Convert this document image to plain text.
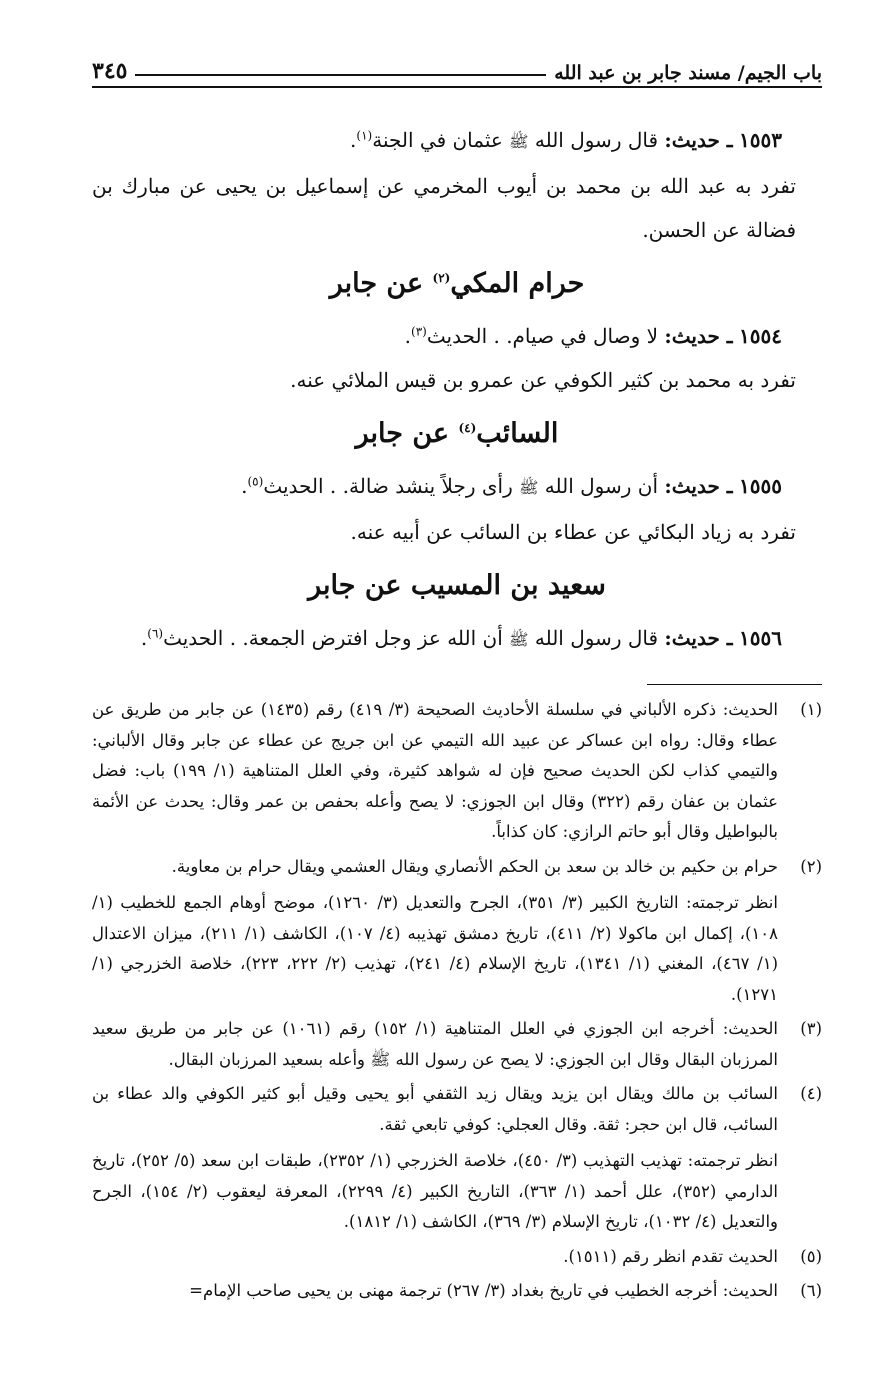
باب الجيم/ مسند جابر بن عبد الله
٣٤٥

١٥٥٣ ـ حديث: قال رسول الله ﷺ عثمان في الجنة$^{(١)}$.

تفرد به عبد الله بن محمد بن أيوب المخرمي عن إسماعيل بن يحيى عن مبارك بن فضالة عن الحسن.

حرام المكي$^{(٢)}$ عن جابر

١٥٥٤ ـ حديث: لا وصال في صيام. . الحديث$^{(٣)}$.

تفرد به محمد بن كثير الكوفي عن عمرو بن قيس الملائي عنه.

السائب$^{(٤)}$ عن جابر

١٥٥٥ ـ حديث: أن رسول الله ﷺ رأى رجلاً ينشد ضالة. . الحديث$^{(٥)}$.

تفرد به زياد البكائي عن عطاء بن السائب عن أبيه عنه.

سعيد بن المسيب عن جابر

١٥٥٦ ـ حديث: قال رسول الله ﷺ أن الله عز وجل افترض الجمعة. . الحديث$^{(٦)}$.

(١)

الحديث: ذكره الألباني في سلسلة الأحاديث الصحيحة (٣/ ٤١٩) رقم (١٤٣٥) عن جابر من طريق عن عطاء وقال: رواه ابن عساكر عن عبيد الله التيمي عن ابن جريج عن عطاء عن جابر وقال الألباني: والتيمي كذاب لكن الحديث صحيح فإن له شواهد كثيرة، وفي العلل المتناهية (١/ ١٩٩) باب: فضل عثمان بن عفان رقم (٣٢٢) وقال ابن الجوزي: لا يصح وأعله بحفص بن عمر وقال: يحدث عن الأئمة بالبواطيل وقال أبو حاتم الرازي: كان كذاباً.

(٢)

حرام بن حكيم بن خالد بن سعد بن الحكم الأنصاري ويقال العشمي ويقال حرام بن معاوية.

انظر ترجمته: التاريخ الكبير (٣/ ٣٥١)، الجرح والتعديل (٣/ ١٢٦٠)، موضح أوهام الجمع للخطيب (١/ ١٠٨)، إكمال ابن ماكولا (٢/ ٤١١)، تاريخ دمشق تهذيبه (٤/ ١٠٧)، الكاشف (١/ ٢١١)، ميزان الاعتدال (١/ ٤٦٧)، المغني (١/ ١٣٤١)، تاريخ الإسلام (٤/ ٢٤١)، تهذيب (٢/ ٢٢٢، ٢٢٣)، خلاصة الخزرجي (١/ ١٢٧١).

(٣)

الحديث: أخرجه ابن الجوزي في العلل المتناهية (١/ ١٥٢) رقم (١٠٦١) عن جابر من طريق سعيد المرزبان البقال وقال ابن الجوزي: لا يصح عن رسول الله ﷺ وأعله بسعيد المرزبان البقال.

(٤)

السائب بن مالك ويقال ابن يزيد ويقال زيد الثقفي أبو يحيى وقيل أبو كثير الكوفي والد عطاء بن السائب، قال ابن حجر: ثقة. وقال العجلي: كوفي تابعي ثقة.

انظر ترجمته: تهذيب التهذيب (٣/ ٤٥٠)، خلاصة الخزرجي (١/ ٢٣٥٢)، طبقات ابن سعد (٥/ ٢٥٢)، تاريخ الدارمي (٣٥٢)، علل أحمد (١/ ٣٦٣)، التاريخ الكبير (٤/ ٢٢٩٩)، المعرفة ليعقوب (٢/ ١٥٤)، الجرح والتعديل (٤/ ١٠٣٢)، تاريخ الإسلام (٣/ ٣٦٩)، الكاشف (١/ ١٨١٢).

(٥)

الحديث تقدم انظر رقم (١٥١١).

(٦)

الحديث: أخرجه الخطيب في تاريخ بغداد (٣/ ٢٦٧) ترجمة مهنى بن يحيى صاحب الإمام=
